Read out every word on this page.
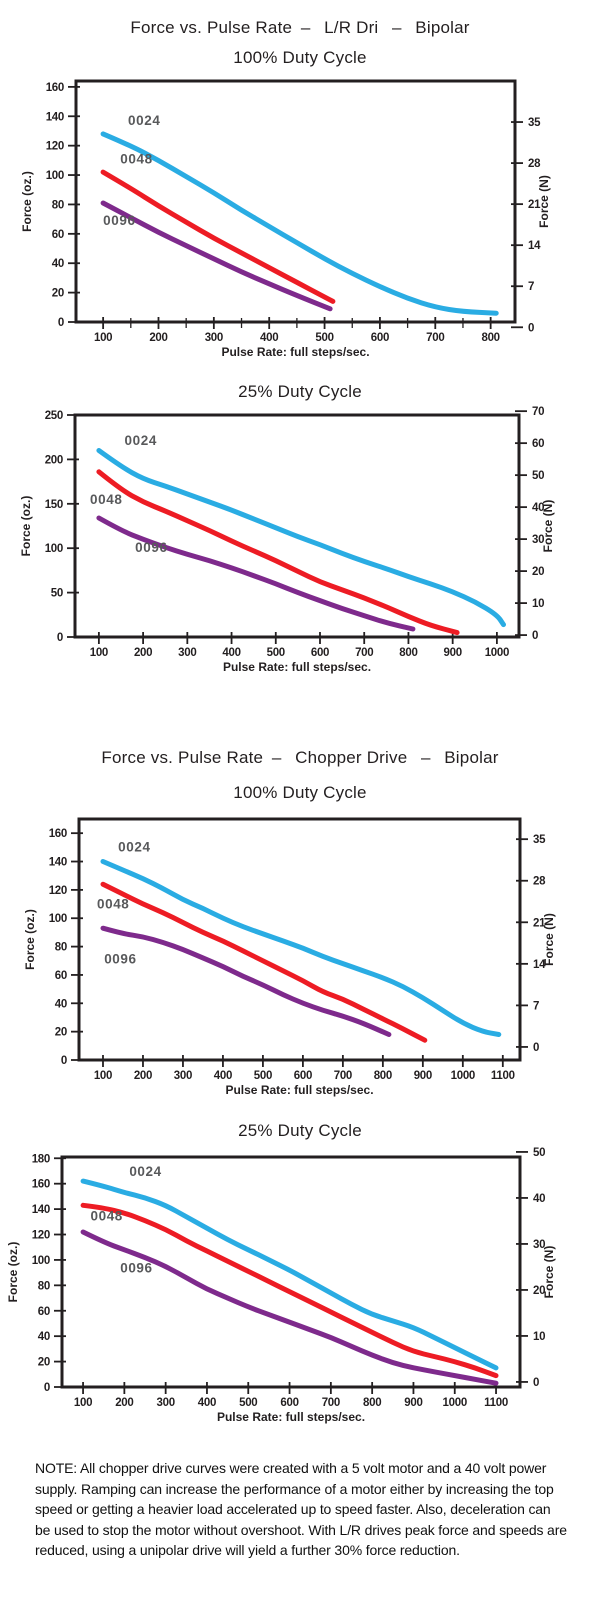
Force vs. Pulse Rate –  L/R Dri  –  Bipolar
100% Duty Cycle
100	200	300	400	500	600	700	800
0
20
40
60
80
100
120
140
160
0
7
14
21
28
35
Force (oz.)	Force (N)
Pulse Rate: full steps/sec.
0024
0048
0096
25% Duty Cycle
100 200 300 400 500 600 700 800 900 1000
0
50
100
150
200
250
0
10
20
30
40
50
60
70
Force (oz.)	Force (N)
Pulse Rate: full steps/sec.
0024
0048
0096
Force vs. Pulse Rate –  Chopper Drive  –  Bipolar
100% Duty Cycle
100 200 300 400 500 600 700 800 900 1000 1100
0
20
40
60
80
100
120
140
160
0
7
14
21
28
35
Force (oz.)	Force (N)
Pulse Rate: full steps/sec.
0024
0048
0096
25% Duty Cycle
100 200 300 400 500 600 700 800 900 1000 1100
0
20
40
60
80
100
120
140
160
180
0
10
20
30
40
50
Force (oz.)	Force (N)
Pulse Rate: full steps/sec.
0024
0048
0096

NOTE: All chopper drive curves were created with a 5 volt motor and a 40 volt power supply. Ramping can increase the performance of a motor either by increasing the top speed or getting a heavier load accelerated up to speed faster. Also, deceleration can be used to stop the motor without overshoot. With L/R drives peak force and speeds are reduced, using a unipolar drive will yield a further 30% force reduction.
